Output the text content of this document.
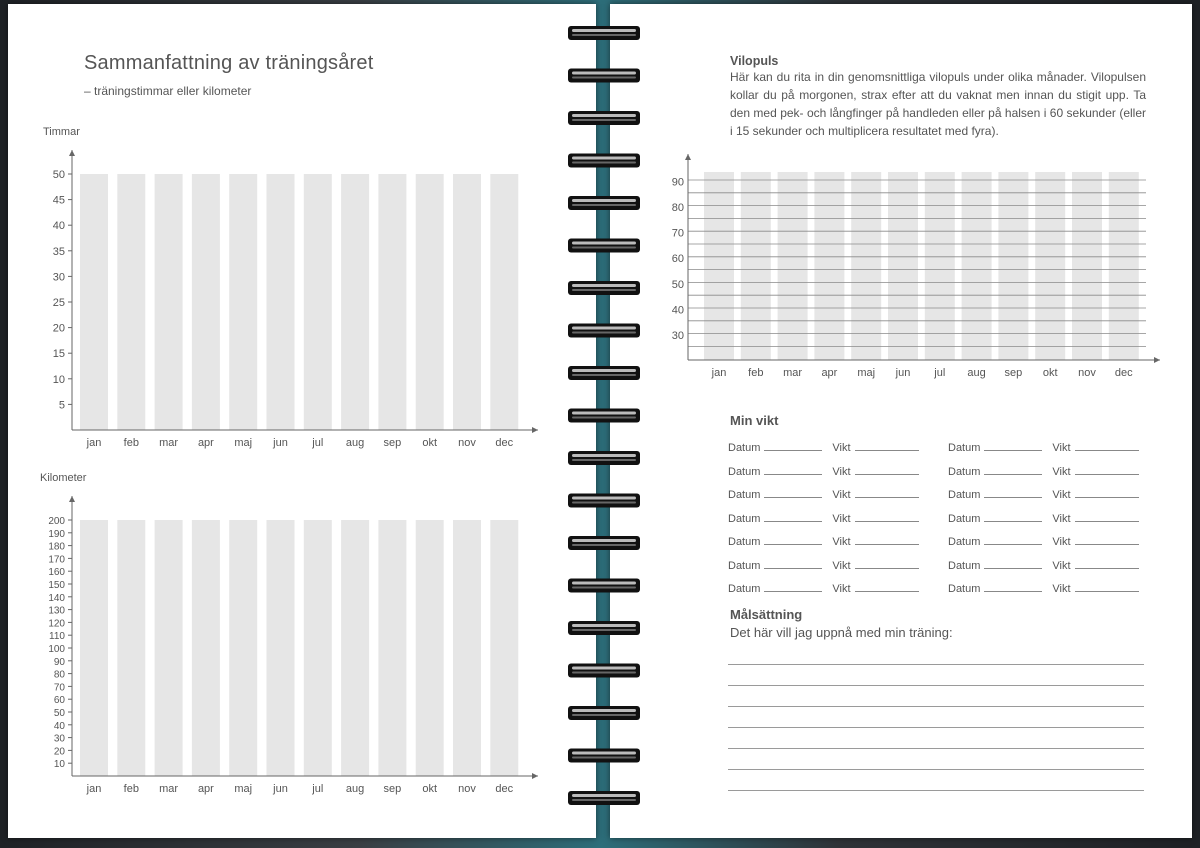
Sammanfattning av träningsåret
– träningstimmar eller kilometer
Timmar
jan feb mar apr maj jun jul aug sep okt nov dec
5
10
15
20
25
30
35
40
45
50
Kilometer
jan feb mar apr maj jun jul aug sep okt nov dec
10
20
30
40
50
60
70
80
90
100
110
120
130
140
150
160
170
180
190
200
Vilopuls
Här kan du rita in din genomsnittliga vilopuls under olika månader. Vilopulsen kollar du på morgonen, strax efter att du vaknat men innan du stigit upp. Ta den med pek- och långfinger på handleden eller på halsen i 60 sekunder (eller i 15 sekunder och multiplicera resultatet med fyra).
jan feb mar apr maj jun jul aug sep okt nov dec
30
40
50
60
70
80
90
Min vikt
Datum	Vikt	Datum	Vikt
Datum	Vikt	Datum	Vikt
Datum	Vikt	Datum	Vikt
Datum	Vikt	Datum	Vikt
Datum	Vikt	Datum	Vikt
Datum	Vikt	Datum	Vikt
Datum	Vikt	Datum	Vikt
Målsättning
Det här vill jag uppnå med min träning:
